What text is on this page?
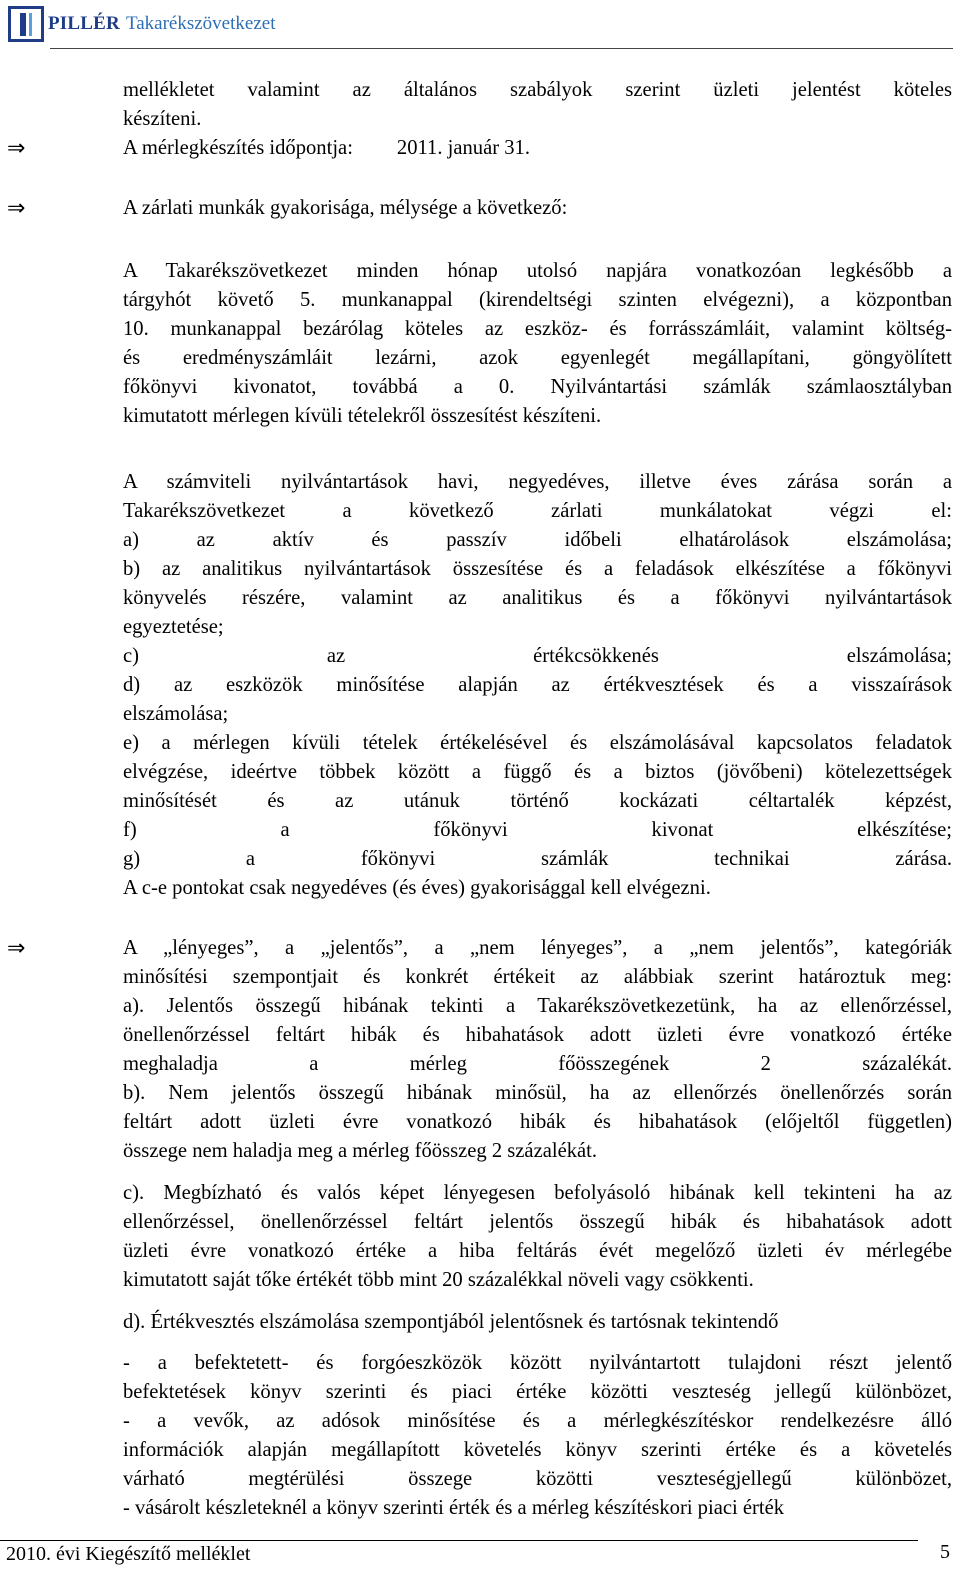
PILLÉR Takarékszövetkezet
mellékletet valamint az általános szabályok szerint üzleti jelentést köteles
készíteni.
⇒	A mérlegkészítés időpontja: 2011. január 31.
⇒	A zárlati munkák gyakorisága, mélysége a következő:
A Takarékszövetkezet minden hónap utolsó napjára vonatkozóan legkésőbb a
tárgyhót követő 5. munkanappal (kirendeltségi szinten elvégezni), a központban
10. munkanappal bezárólag köteles az eszköz- és forrásszámláit, valamint költség-
és eredményszámláit lezárni, azok egyenlegét megállapítani, göngyölített
főkönyvi kivonatot, továbbá a 0. Nyilvántartási számlák számlaosztályban
kimutatott mérlegen kívüli tételekről összesítést készíteni.
A számviteli nyilvántartások havi, negyedéves, illetve éves zárása során a
Takarékszövetkezet a következő zárlati munkálatokat végzi el:
a) az aktív és passzív időbeli elhatárolások elszámolása;
b) az analitikus nyilvántartások összesítése és a feladások elkészítése a főkönyvi
könyvelés részére, valamint az analitikus és a főkönyvi nyilvántartások
egyeztetése;
c) az értékcsökkenés elszámolása;
d) az eszközök minősítése alapján az értékvesztések és a visszaírások
elszámolása;
e) a mérlegen kívüli tételek értékelésével és elszámolásával kapcsolatos feladatok
elvégzése, ideértve többek között a függő és a biztos (jövőbeni) kötelezettségek
minősítését és az utánuk történő kockázati céltartalék képzést,
f) a főkönyvi kivonat elkészítése;
g) a főkönyvi számlák technikai zárása.
A c-e pontokat csak negyedéves (és éves) gyakorisággal kell elvégezni.
⇒	A „lényeges”, a „jelentős”, a „nem lényeges”, a „nem jelentős”, kategóriák
minősítési szempontjait és konkrét értékeit az alábbiak szerint határoztuk meg:
a). Jelentős összegű hibának tekinti a Takarékszövetkezetünk, ha az ellenőrzéssel,
önellenőrzéssel feltárt hibák és hibahatások adott üzleti évre vonatkozó értéke
meghaladja a mérleg főösszegének 2 százalékát.
b). Nem jelentős összegű hibának minősül, ha az ellenőrzés önellenőrzés során
feltárt adott üzleti évre vonatkozó hibák és hibahatások (előjeltől független)
összege nem haladja meg a mérleg főösszeg 2 százalékát.
c). Megbízható és valós képet lényegesen befolyásoló hibának kell tekinteni ha az
ellenőrzéssel, önellenőrzéssel feltárt jelentős összegű hibák és hibahatások adott
üzleti évre vonatkozó értéke a hiba feltárás évét megelőző üzleti év mérlegébe
kimutatott saját tőke értékét több mint 20 százalékkal növeli vagy csökkenti.
d). Értékvesztés elszámolása szempontjából jelentősnek és tartósnak tekintendő
- a befektetett- és forgóeszközök között nyilvántartott tulajdoni részt jelentő
befektetések könyv szerinti és piaci értéke közötti veszteség jellegű különbözet,
- a vevők, az adósok minősítése és a mérlegkészítéskor rendelkezésre álló
információk alapján megállapított követelés könyv szerinti értéke és a követelés
várható megtérülési összege közötti veszteségjellegű különbözet,
- vásárolt készleteknél a könyv szerinti érték és a mérleg készítéskori piaci érték
2010. évi Kiegészítő melléklet	5
